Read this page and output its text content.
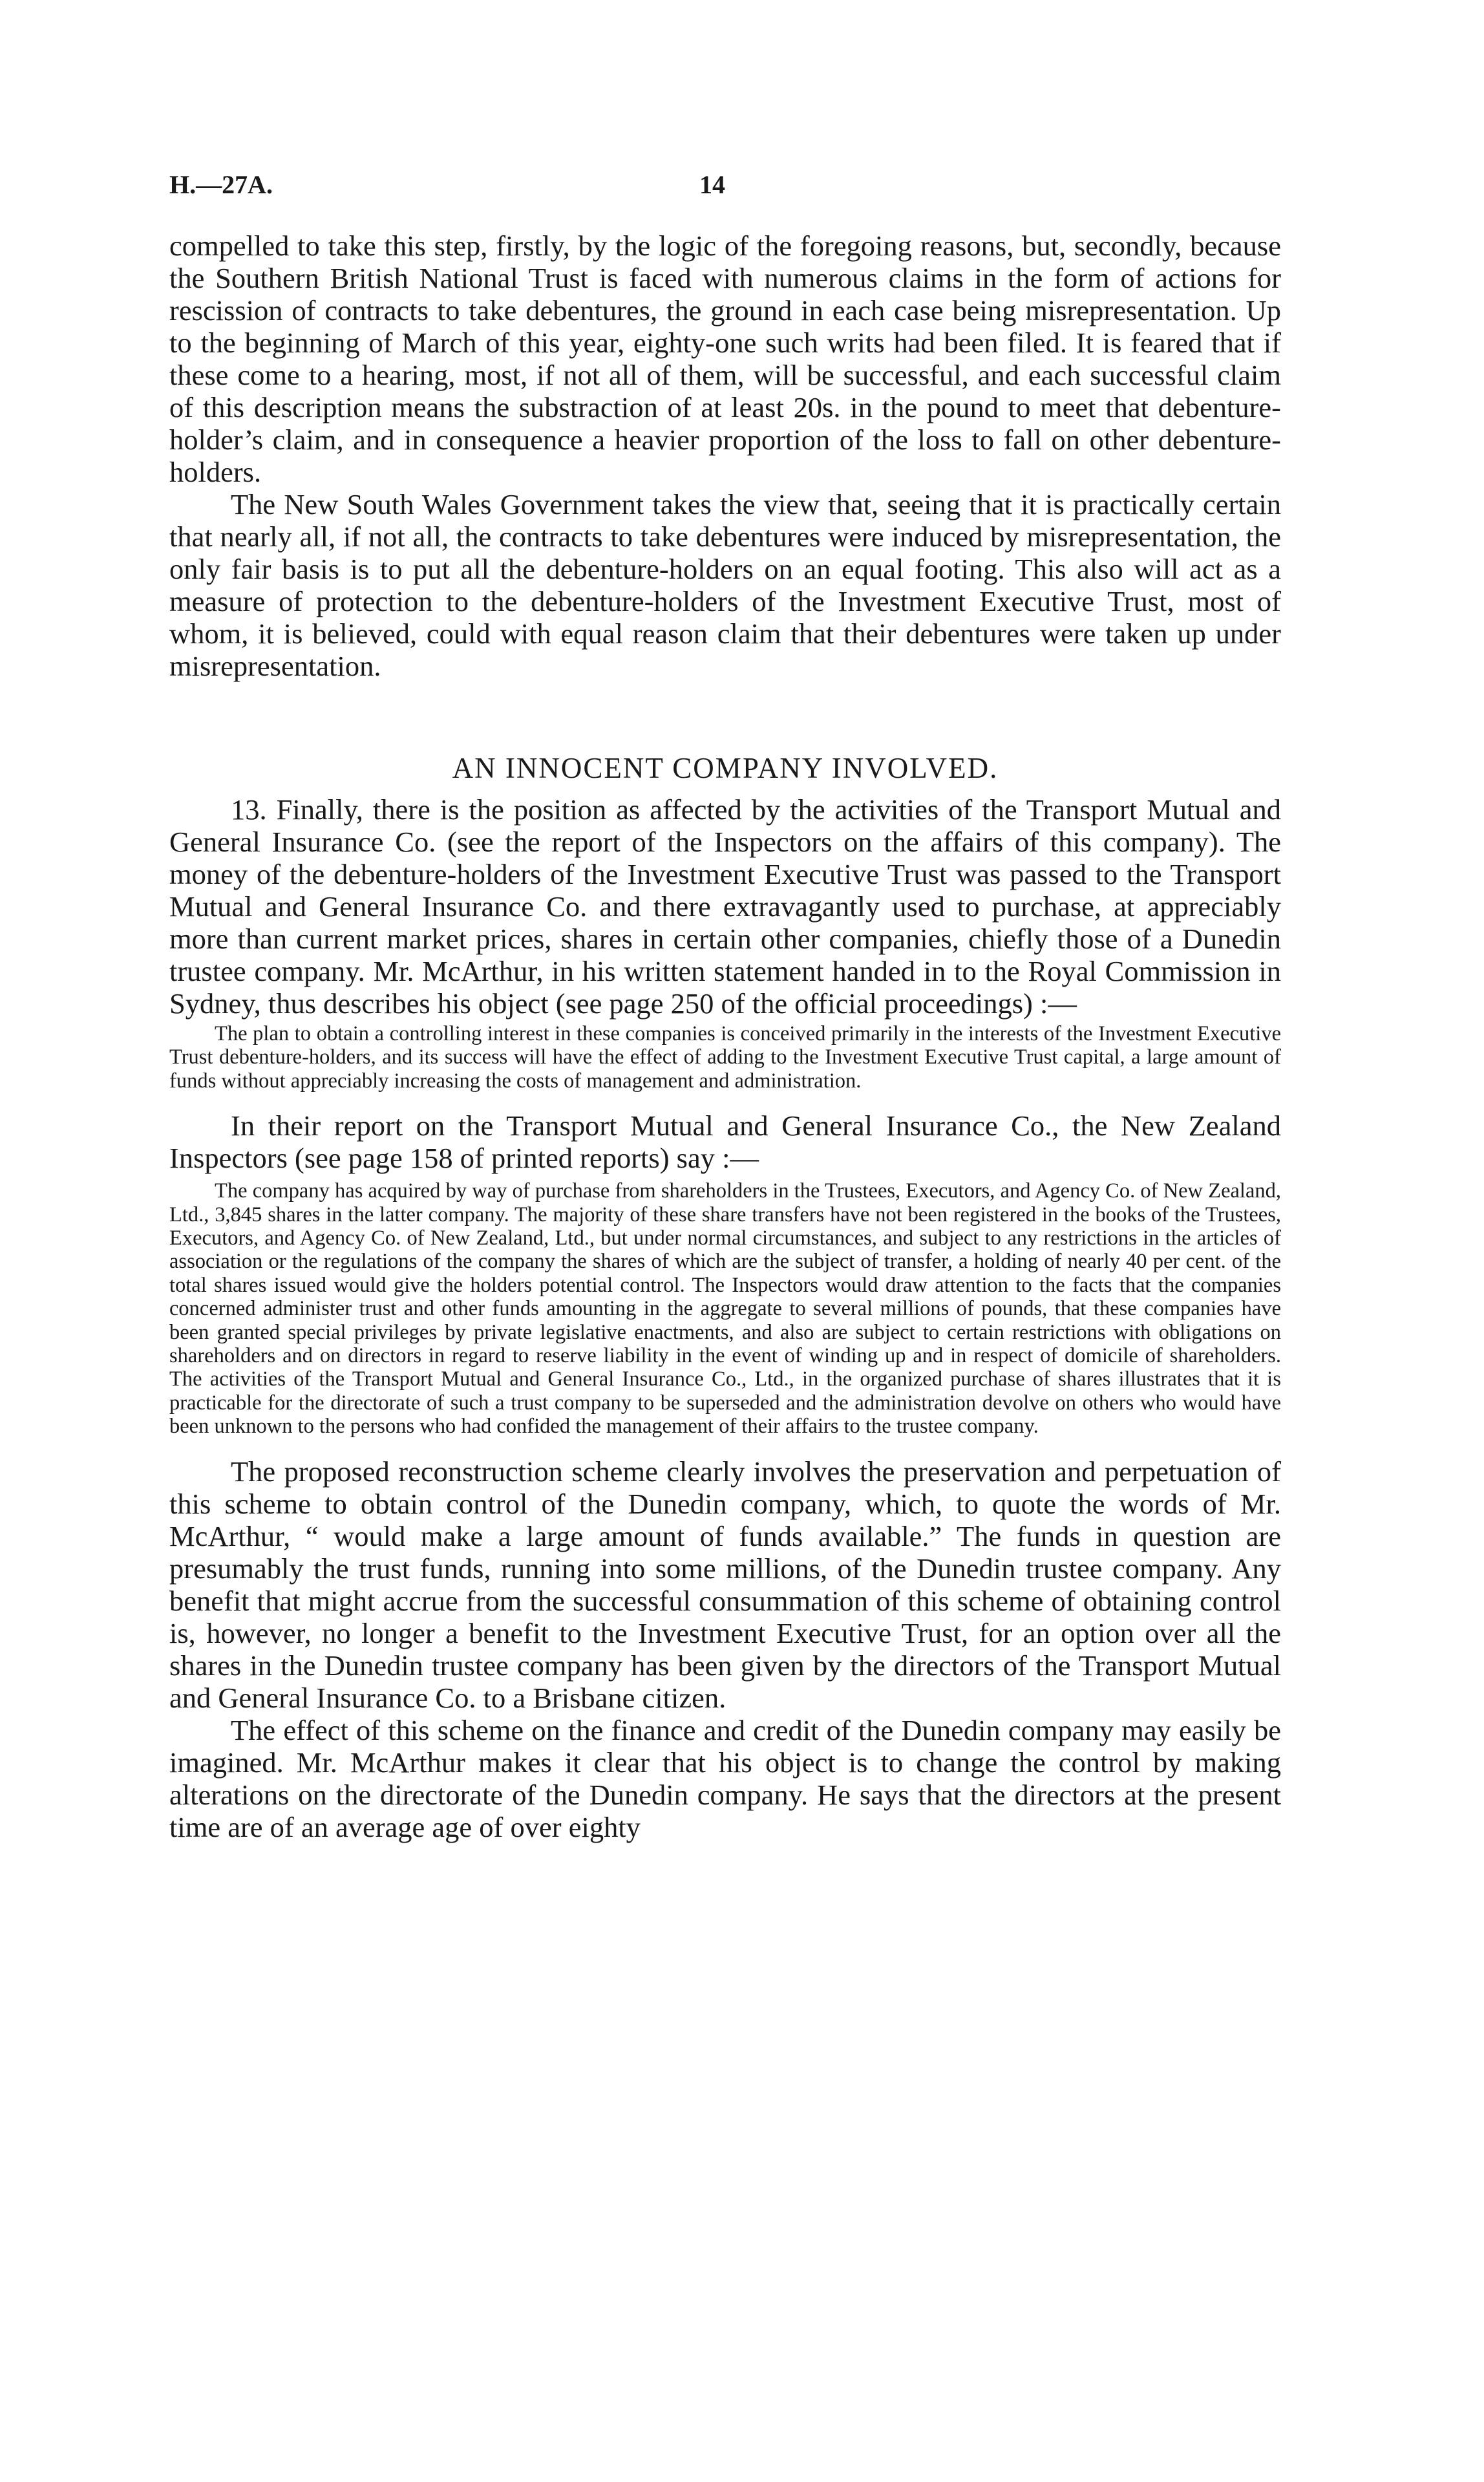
H.—27A.	14

compelled to take this step, firstly, by the logic of the foregoing reasons, but, secondly, because the Southern British National Trust is faced with numerous claims in the form of actions for rescission of contracts to take debentures, the ground in each case being misrepresentation. Up to the beginning of March of this year, eighty-one such writs had been filed. It is feared that if these come to a hearing, most, if not all of them, will be successful, and each successful claim of this description means the substraction of at least 20s. in the pound to meet that debenture-holder’s claim, and in consequence a heavier proportion of the loss to fall on other debenture-holders.

The New South Wales Government takes the view that, seeing that it is practically certain that nearly all, if not all, the contracts to take debentures were induced by misrepresentation, the only fair basis is to put all the debenture-holders on an equal footing. This also will act as a measure of protection to the debenture-holders of the Investment Executive Trust, most of whom, it is believed, could with equal reason claim that their debentures were taken up under misrepresentation.

AN INNOCENT COMPANY INVOLVED.

13. Finally, there is the position as affected by the activities of the Transport Mutual and General Insurance Co. (see the report of the Inspectors on the affairs of this company). The money of the debenture-holders of the Investment Executive Trust was passed to the Transport Mutual and General Insurance Co. and there extravagantly used to purchase, at appreciably more than current market prices, shares in certain other companies, chiefly those of a Dunedin trustee company. Mr. McArthur, in his written statement handed in to the Royal Commission in Sydney, thus describes his object (see page 250 of the official proceedings) :—

The plan to obtain a controlling interest in these companies is conceived primarily in the interests of the Investment Executive Trust debenture-holders, and its success will have the effect of adding to the Investment Executive Trust capital, a large amount of funds without appreciably increasing the costs of management and administration.

In their report on the Transport Mutual and General Insurance Co., the New Zealand Inspectors (see page 158 of printed reports) say :—

The company has acquired by way of purchase from shareholders in the Trustees, Executors, and Agency Co. of New Zealand, Ltd., 3,845 shares in the latter company. The majority of these share transfers have not been registered in the books of the Trustees, Executors, and Agency Co. of New Zealand, Ltd., but under normal circumstances, and subject to any restrictions in the articles of association or the regulations of the company the shares of which are the subject of transfer, a holding of nearly 40 per cent. of the total shares issued would give the holders potential control. The Inspectors would draw attention to the facts that the companies concerned administer trust and other funds amounting in the aggregate to several millions of pounds, that these companies have been granted special privileges by private legislative enactments, and also are subject to certain restrictions with obligations on shareholders and on directors in regard to reserve liability in the event of winding up and in respect of domicile of shareholders. The activities of the Transport Mutual and General Insurance Co., Ltd., in the organized purchase of shares illustrates that it is practicable for the directorate of such a trust company to be superseded and the administration devolve on others who would have been unknown to the persons who had confided the management of their affairs to the trustee company.

The proposed reconstruction scheme clearly involves the preservation and perpetuation of this scheme to obtain control of the Dunedin company, which, to quote the words of Mr. McArthur, “ would make a large amount of funds available.” The funds in question are presumably the trust funds, running into some millions, of the Dunedin trustee company. Any benefit that might accrue from the successful consummation of this scheme of obtaining control is, however, no longer a benefit to the Investment Executive Trust, for an option over all the shares in the Dunedin trustee company has been given by the directors of the Transport Mutual and General Insurance Co. to a Brisbane citizen.

The effect of this scheme on the finance and credit of the Dunedin company may easily be imagined. Mr. McArthur makes it clear that his object is to change the control by making alterations on the directorate of the Dunedin company. He says that the directors at the present time are of an average age of over eighty
